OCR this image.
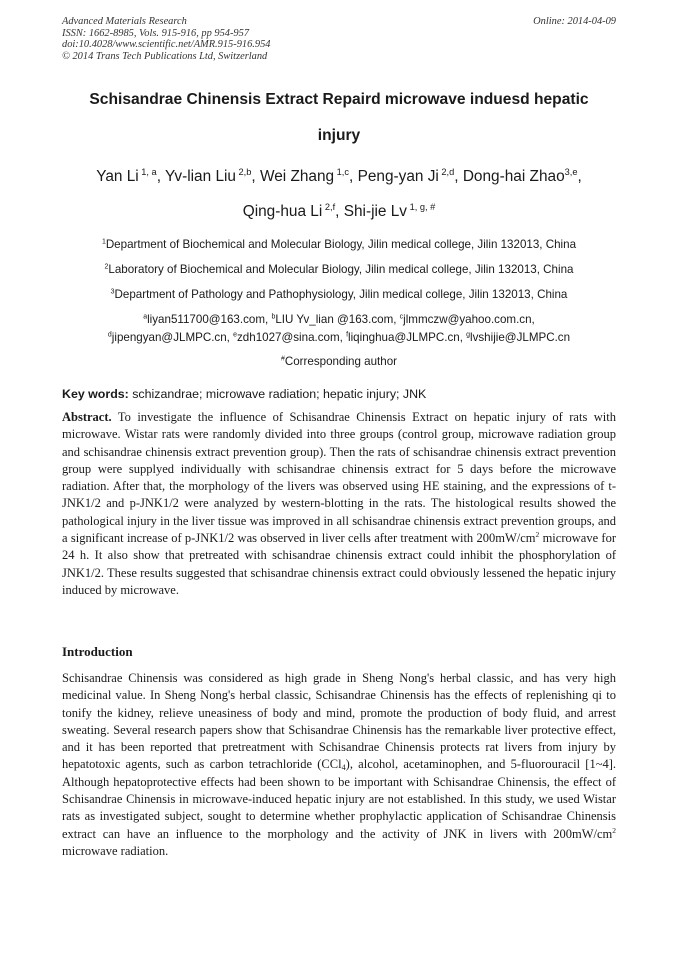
Advanced Materials Research
ISSN: 1662-8985, Vols. 915-916, pp 954-957
doi:10.4028/www.scientific.net/AMR.915-916.954
© 2014 Trans Tech Publications Ltd, Switzerland
Online: 2014-04-09
Schisandrae Chinensis Extract Repaird microwave induesd hepatic
injury
Yan Li $^{1, a}$, Yv-lian Liu $^{2,b}$, Wei Zhang $^{1,c}$, Peng-yan Ji $^{2,d}$, Dong-hai Zhao$^{3,e}$,
Qing-hua Li $^{2,f}$, Shi-jie Lv $^{1, g, \#}$
$^1$Department of Biochemical and Molecular Biology, Jilin medical college, Jilin 132013, China
$^2$Laboratory of Biochemical and Molecular Biology, Jilin medical college, Jilin 132013, China
$^3$Department of Pathology and Pathophysiology, Jilin medical college, Jilin 132013, China
$^a$liyan511700@163.com, $^b$LIU Yv_lian @163.com, $^c$jlmmczw@yahoo.com.cn,
$^d$jipengyan@JLMPC.cn, $^e$zdh1027@sina.com, $^f$liqinghua@JLMPC.cn, $^g$lvshijie@JLMPC.cn
#Corresponding author
Key words: schizandrae; microwave radiation; hepatic injury; JNK
Abstract. To investigate the influence of Schisandrae Chinensis Extract on hepatic injury of rats with microwave. Wistar rats were randomly divided into three groups (control group, microwave radiation group and schisandrae chinensis extract prevention group). Then the rats of schisandrae chinensis extract prevention group were supplyed individually with schisandrae chinensis extract for 5 days before the microwave radiation. After that, the morphology of the livers was observed using HE staining, and the expressions of t-JNK1/2 and p-JNK1/2 were analyzed by western-blotting in the rats. The histological results showed the pathological injury in the liver tissue was improved in all schisandrae chinensis extract prevention groups, and a significant increase of p-JNK1/2 was observed in liver cells after treatment with $200mW/cm^2$ microwave for 24 h. It also show that pretreated with schisandrae chinensis extract could inhibit the phosphorylation of JNK1/2. These results suggested that schisandrae chinensis extract could obviously lessened the hepatic injury induced by microwave.
Introduction
Schisandrae Chinensis was considered as high grade in Sheng Nong's herbal classic, and has very high medicinal value. In Sheng Nong's herbal classic, Schisandrae Chinensis has the effects of replenishing qi to tonify the kidney, relieve uneasiness of body and mind, promote the production of body fluid, and arrest sweating. Several research papers show that Schisandrae Chinensis has the remarkable liver protective effect, and it has been reported that pretreatment with Schisandrae Chinensis protects rat livers from injury by hepatotoxic agents, such as carbon tetrachloride (CCl$_4$), alcohol, acetaminophen, and 5-fluorouracil [1~4]. Although hepatoprotective effects had been shown to be important with Schisandrae Chinensis, the effect of Schisandrae Chinensis in microwave-induced hepatic injury are not established. In this study, we used Wistar rats as investigated subject, sought to determine whether prophylactic application of Schisandrae Chinensis extract can have an influence to the morphology and the activity of JNK in livers with $200mW/cm^2$ microwave radiation.
